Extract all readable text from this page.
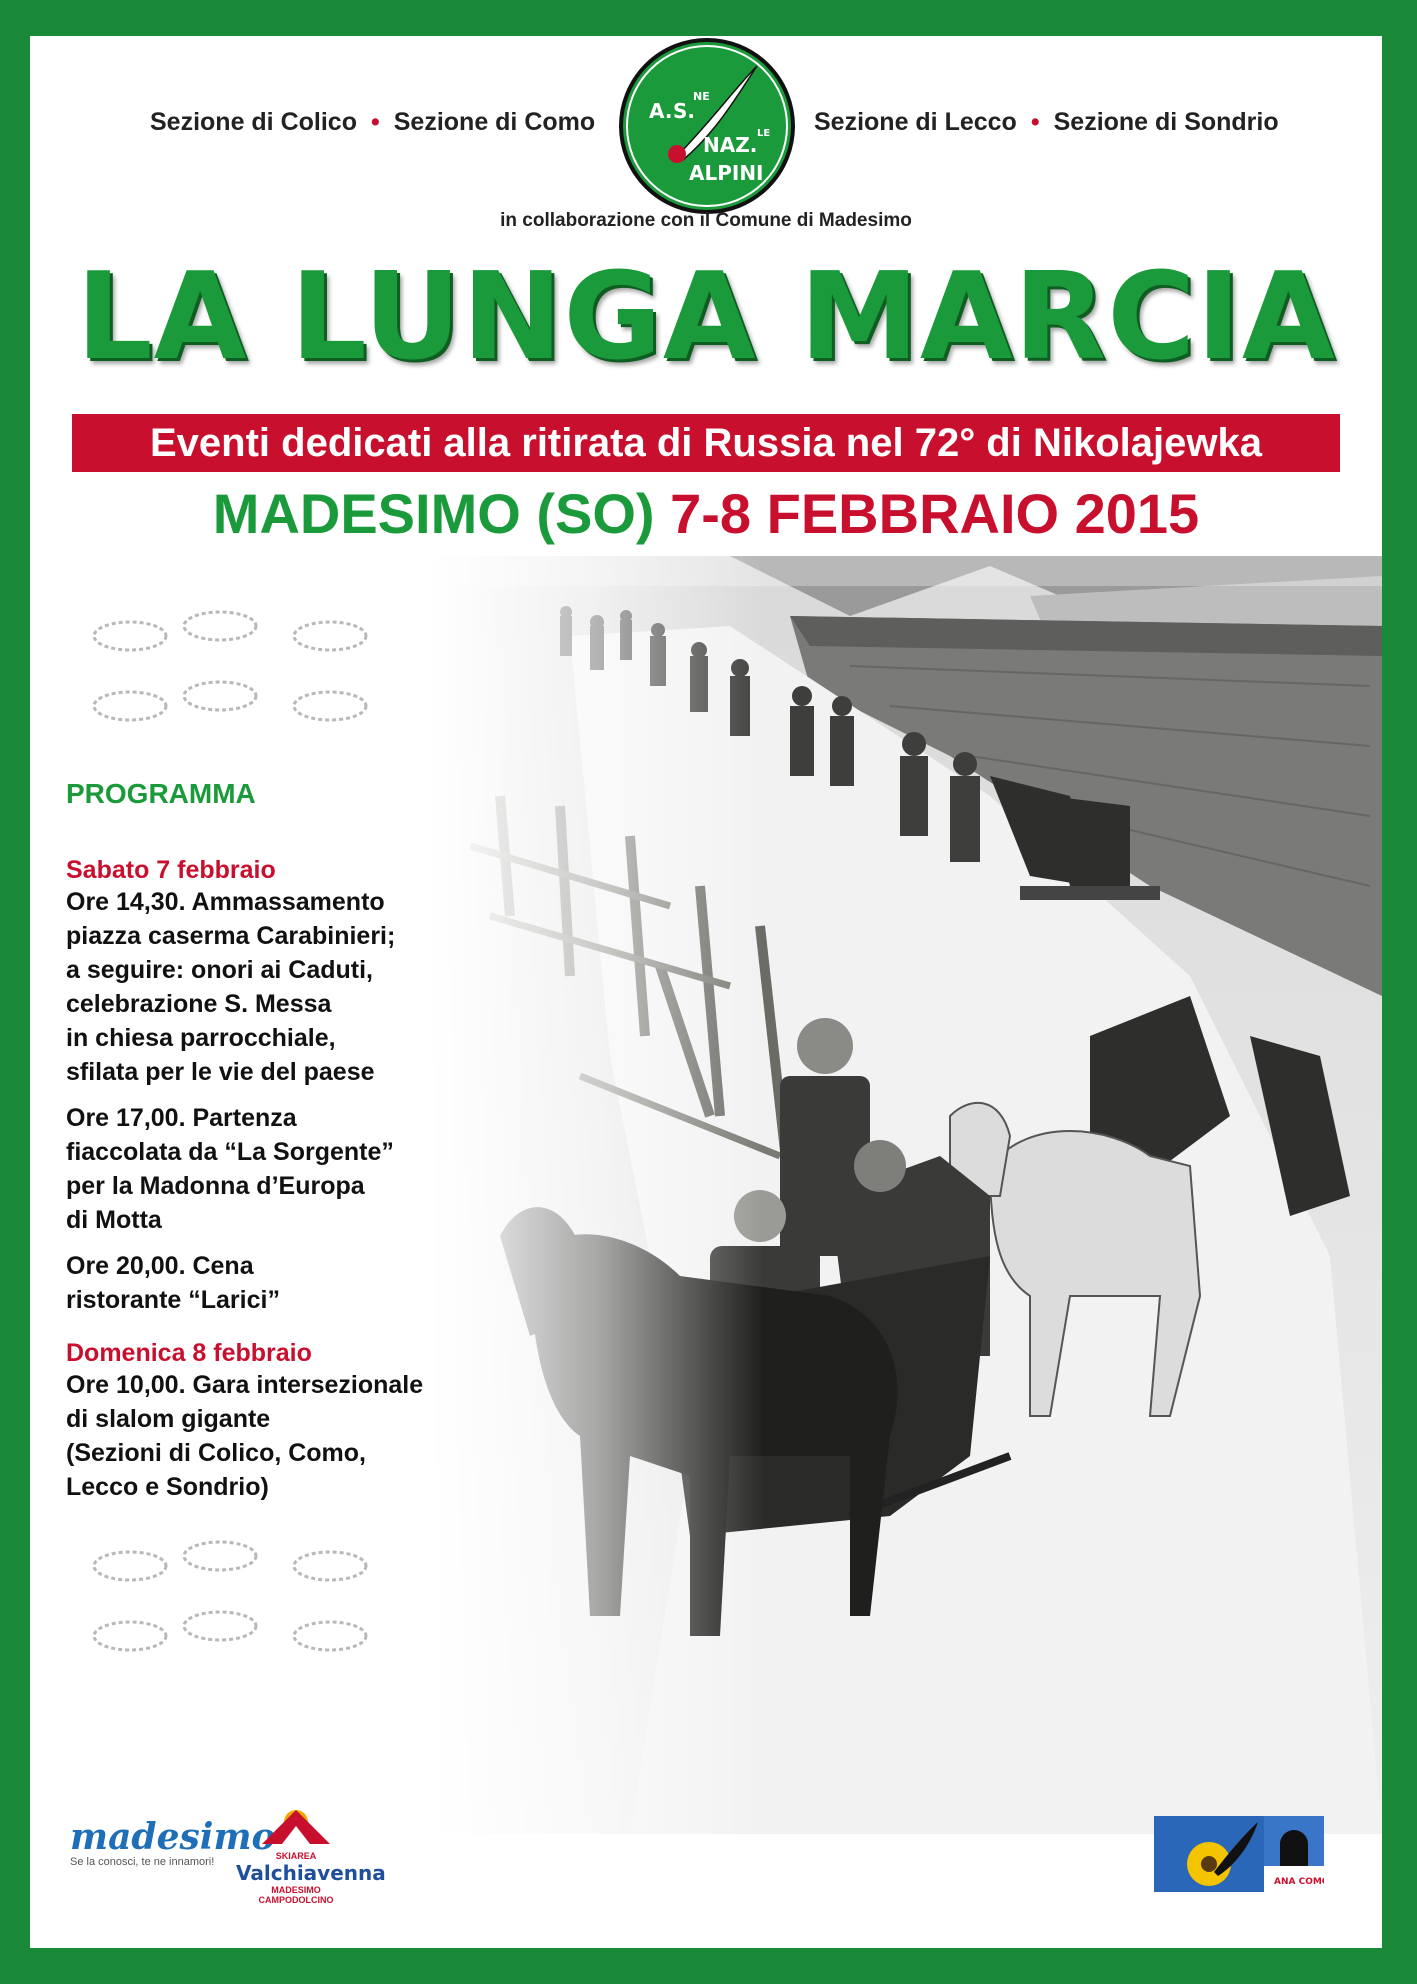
Sezione di Colico • Sezione di Como	A. S.
NE
NAZ. LE
ALPINI
Sezione di Lecco • Sezione di Sondrio
in collaborazione con il Comune di Madesimo
LA LUNGA MARCIA
Eventi dedicati alla ritirata di Russia nel 72° di Nikolajewka
MADESIMO (SO) 7-8 FEBBRAIO 2015
PROGRAMMA
Sabato 7 febbraio
Ore 14,30. Ammassamento
piazza caserma Carabinieri;
a seguire: onori ai Caduti,
celebrazione S. Messa
in chiesa parrocchiale,
sfilata per le vie del paese
Ore 17,00. Partenza
fiaccolata da “La Sorgente”
per la Madonna d’Europa
di Motta
Ore 20,00. Cena
ristorante “Larici”
Domenica 8 febbraio
Ore 10,00. Gara intersezionale
di slalom gigante
(Sezioni di Colico, Como,
Lecco e Sondrio)
madesimo
Se la conosci, te ne innamori!	SKIAREA
Valchiavenna
MADESIMO
CAMPODOLCINO
ANA COMO
